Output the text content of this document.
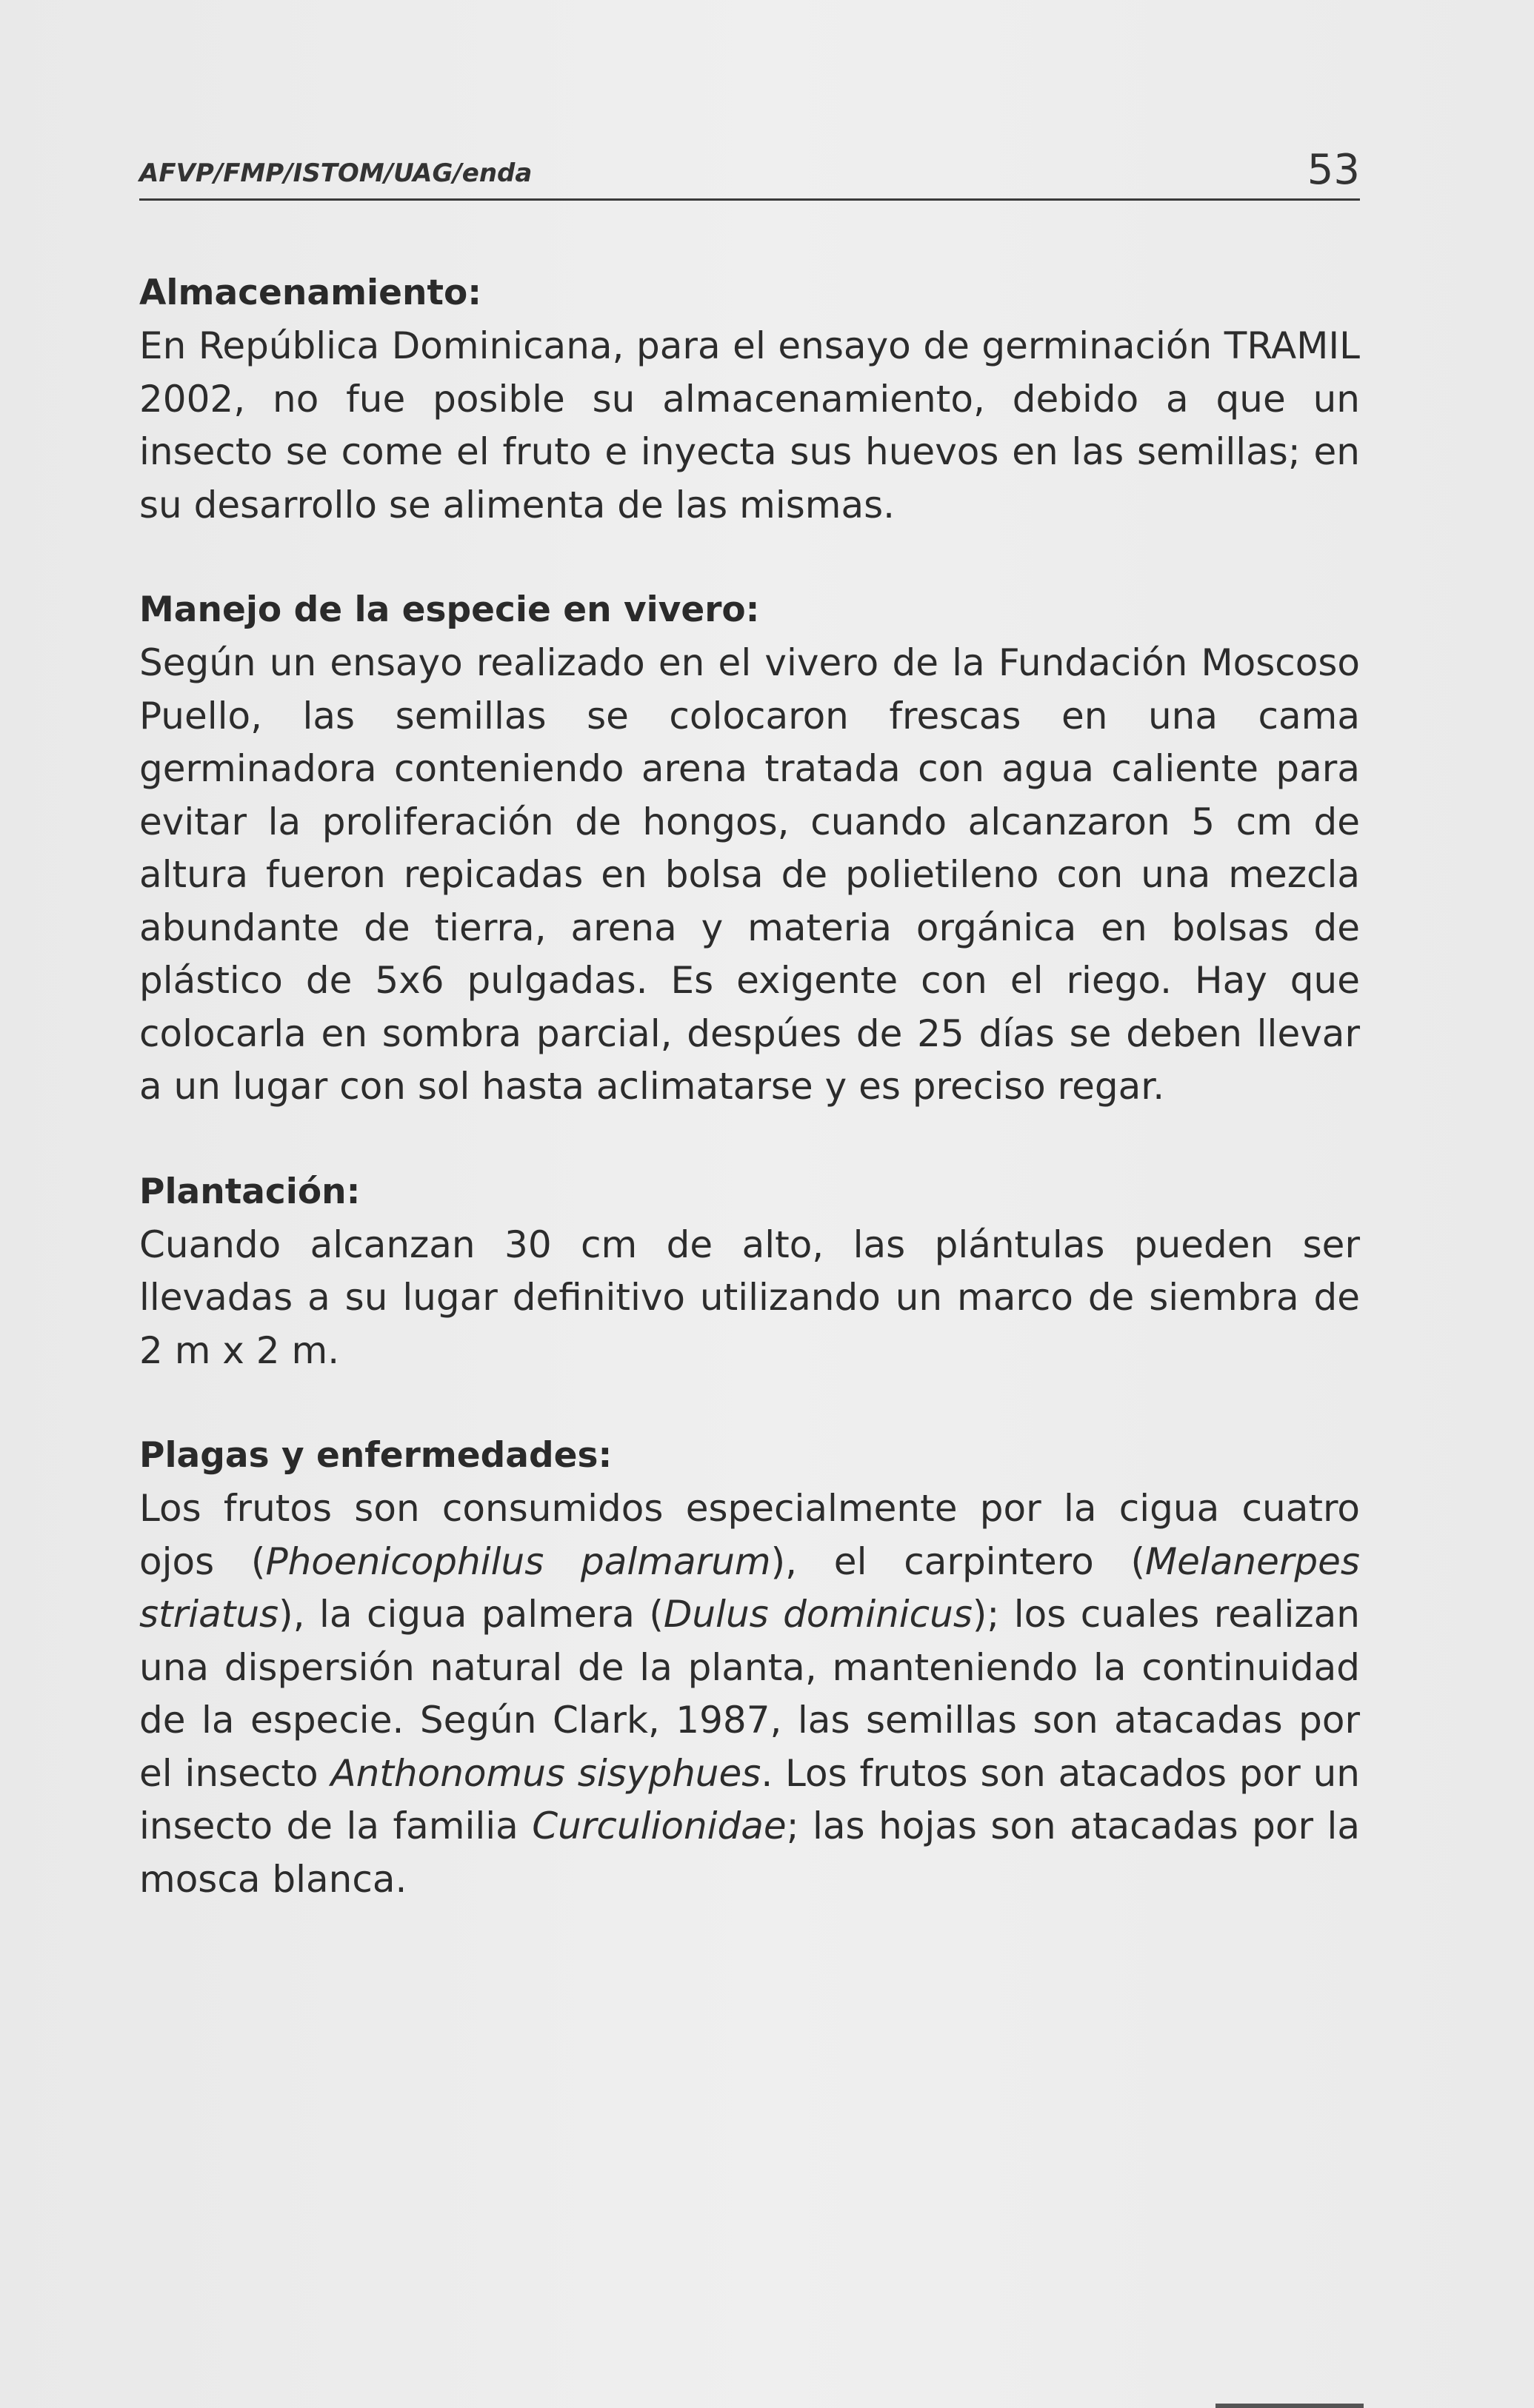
AFVP/FMP/ISTOM/UAG/enda	53
Almacenamiento:
En República Dominicana, para el ensayo de germinación TRAMIL 2002, no fue posible su almacenamiento, debido a que un insecto se come el fruto e inyecta sus huevos en las semillas; en su desarrollo se alimenta de las mismas.
Manejo de la especie en vivero:
Según un ensayo realizado en el vivero de la Fundación Moscoso Puello, las semillas se colocaron frescas en una cama germinadora conteniendo arena tratada con agua caliente para evitar la proliferación de hongos, cuando alcanzaron 5 cm de altura fueron repicadas en bolsa de polietileno con una mezcla abundante de tierra, arena y materia orgánica en bolsas de plástico de 5x6 pulgadas. Es exigente con el riego. Hay que colocarla en sombra parcial, despúes de 25 días se deben llevar a un lugar con sol hasta aclimatarse y es preciso regar.
Plantación:
Cuando alcanzan 30 cm de alto, las plántulas pueden ser llevadas a su lugar definitivo utilizando un marco de siembra de 2 m x 2 m.
Plagas y enfermedades:
Los frutos son consumidos especialmente por la cigua cuatro ojos (Phoenicophilus palmarum), el carpintero (Melanerpes striatus), la cigua palmera (Dulus dominicus); los cuales realizan una dispersión natural de la planta, manteniendo la continuidad de la especie. Según Clark, 1987, las semillas son atacadas por el insecto Anthonomus sisyphues. Los frutos son atacados por un insecto de la familia Curculionidae; las hojas son atacadas por la mosca blanca.
